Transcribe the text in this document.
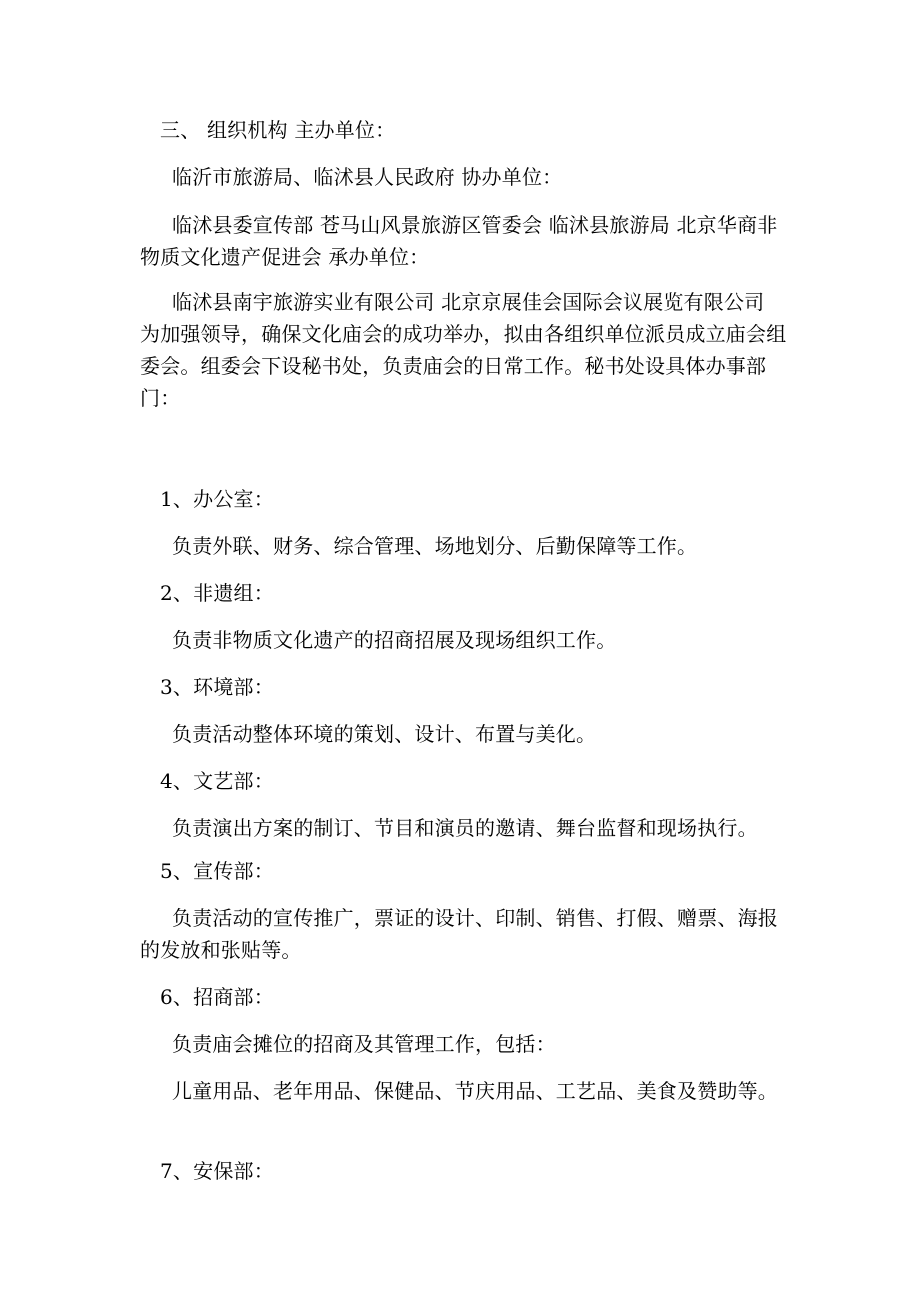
三、 组织机构 主办单位：
临沂市旅游局、临沭县人民政府 协办单位：
临沭县委宣传部 苍马山风景旅游区管委会 临沭县旅游局 北京华商非物质文化遗产促进会 承办单位：
临沭县南宇旅游实业有限公司 北京京展佳会国际会议展览有限公司 为加强领导，确保文化庙会的成功举办，拟由各组织单位派员成立庙会组委会。组委会下设秘书处，负责庙会的日常工作。秘书处设具体办事部门：
1、办公室：
负责外联、财务、综合管理、场地划分、后勤保障等工作。
2、非遗组：
负责非物质文化遗产的招商招展及现场组织工作。
3、环境部：
负责活动整体环境的策划、设计、布置与美化。
4、文艺部：
负责演出方案的制订、节目和演员的邀请、舞台监督和现场执行。
5、宣传部：
负责活动的宣传推广，票证的设计、印制、销售、打假、赠票、海报的发放和张贴等。
6、招商部：
负责庙会摊位的招商及其管理工作，包括：
儿童用品、老年用品、保健品、节庆用品、工艺品、美食及赞助等。
7、安保部：
